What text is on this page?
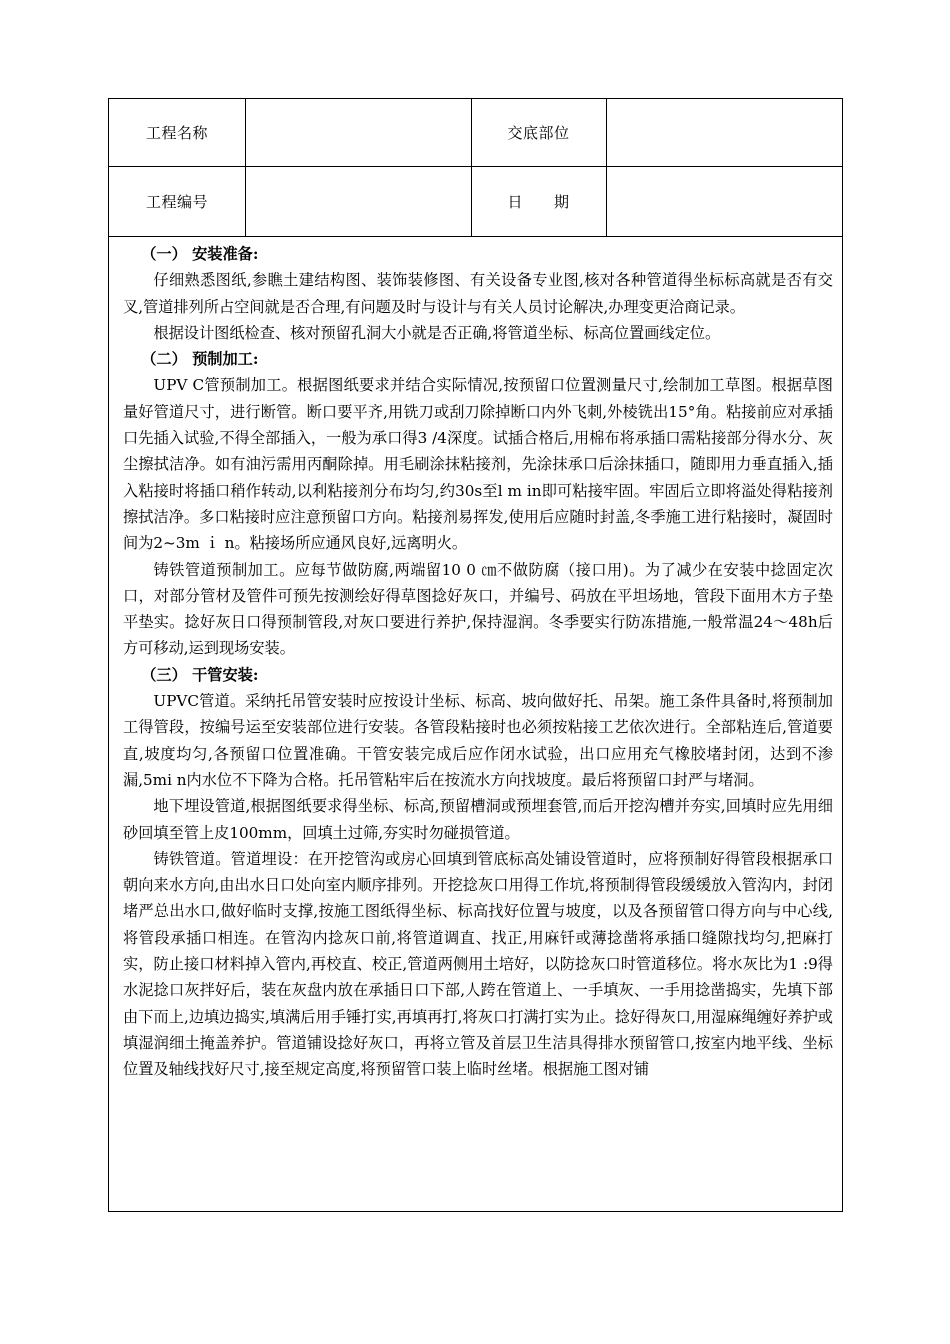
工程名称	交底部位
工程编号	日　　期

（一） 安装准备:

仔细熟悉图纸,参瞧土建结构图、装饰装修图、有关设备专业图,核对各种管道得坐标标高就是否有交叉,管道排列所占空间就是否合理,有问题及时与设计与有关人员讨论解决,办理变更洽商记录。

根据设计图纸检查、核对预留孔洞大小就是否正确,将管道坐标、标高位置画线定位。

（二） 预制加工:

UPV C管预制加工。根据图纸要求并结合实际情况,按预留口位置测量尺寸,绘制加工草图。根据草图量好管道尺寸，进行断管。断口要平齐,用铣刀或刮刀除掉断口内外飞刺,外棱铣出15°角。粘接前应对承插口先插入试验,不得全部插入，一般为承口得3 /4深度。试插合格后,用棉布将承插口需粘接部分得水分、灰尘擦拭洁净。如有油污需用丙酮除掉。用毛刷涂抹粘接剂，先涂抹承口后涂抹插口，随即用力垂直插入,插入粘接时将插口稍作转动,以利粘接剂分布均匀,约30s至l m in即可粘接牢固。牢固后立即将溢处得粘接剂擦拭洁净。多口粘接时应注意预留口方向。粘接剂易挥发,使用后应随时封盖,冬季施工进行粘接时，凝固时间为2~3m ｉ n。粘接场所应通风良好,远离明火。

铸铁管道预制加工。应每节做防腐,两端留10 0 ㎝不做防腐（接口用)。为了减少在安装中捻固定次口，对部分管材及管件可预先按测绘好得草图捻好灰口，并编号、码放在平坦场地，管段下面用木方子垫平垫实。捻好灰日口得预制管段,对灰口要进行养护,保持湿润。冬季要实行防冻措施,一般常温24～48h后方可移动,运到现场安装。

（三） 干管安装:

UPVC管道。采纳托吊管安装时应按设计坐标、标高、坡向做好托、吊架。施工条件具备时,将预制加工得管段，按编号运至安装部位进行安装。各管段粘接时也必须按粘接工艺依次进行。全部粘连后,管道要直,坡度均匀,各预留口位置准确。干管安装完成后应作闭水试验，出口应用充气橡胶堵封闭，达到不渗漏,5mi n内水位不下降为合格。托吊管粘牢后在按流水方向找坡度。最后将预留口封严与堵洞。

地下埋设管道,根据图纸要求得坐标、标高,预留槽洞或预埋套管,而后开挖沟槽并夯实,回填时应先用细砂回填至管上皮100mm，回填土过筛,夯实时勿碰损管道。

铸铁管道。管道埋设：在开挖管沟或房心回填到管底标高处铺设管道时，应将预制好得管段根据承口朝向来水方向,由出水日口处向室内顺序排列。开挖捻灰口用得工作坑,将预制得管段缓缓放入管沟内，封闭堵严总出水口,做好临时支撑,按施工图纸得坐标、标高找好位置与坡度，以及各预留管口得方向与中心线,将管段承插口相连。在管沟内捻灰口前,将管道调直、找正,用麻钎或薄捻凿将承插口缝隙找均匀,把麻打实，防止接口材料掉入管内,再校直、校正,管道两侧用土培好，以防捻灰口时管道移位。将水灰比为1 :9得水泥捻口灰拌好后，装在灰盘内放在承插日口下部,人跨在管道上、一手填灰、一手用捻凿捣实，先填下部由下而上,边填边捣实,填满后用手锤打实,再填再打,将灰口打满打实为止。捻好得灰口,用湿麻绳缠好养护或填湿润细土掩盖养护。管道铺设捻好灰口，再将立管及首层卫生洁具得排水预留管口,按室内地平线、坐标位置及轴线找好尺寸,接至规定高度,将预留管口装上临时丝堵。根据施工图对铺
